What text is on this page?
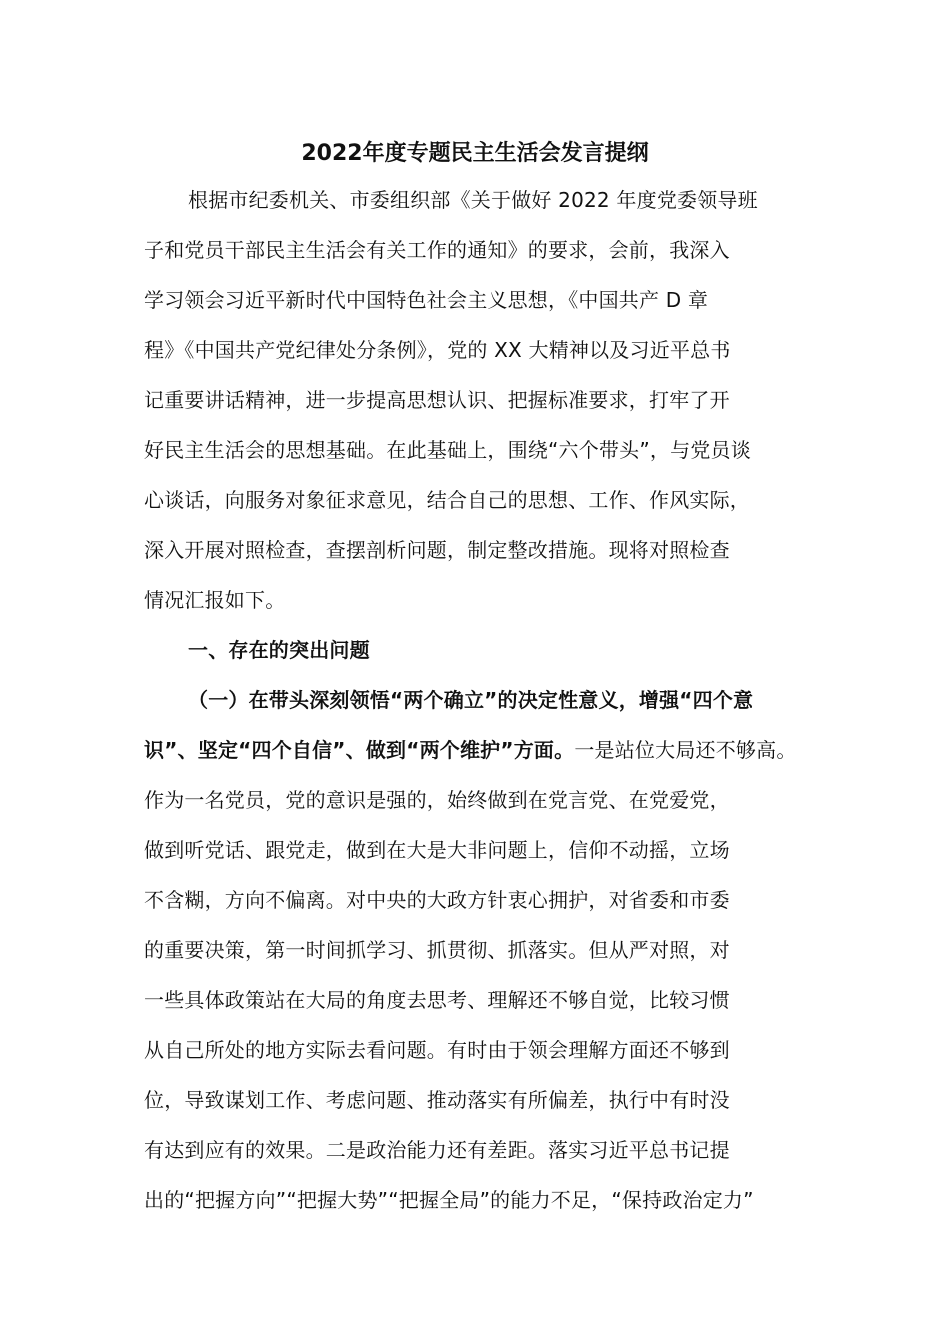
2022年度专题民主生活会发言提纲
根据市纪委机关、市委组织部《关于做好 2022 年度党委领导班
子和党员干部民主生活会有关工作的通知》的要求，会前，我深入
学习领会习近平新时代中国特色社会主义思想，《中国共产 D 章
程》《中国共产党纪律处分条例》，党的 XX 大精神以及习近平总书
记重要讲话精神，进一步提高思想认识、把握标准要求，打牢了开
好民主生活会的思想基础。在此基础上，围绕“六个带头”，与党员谈
心谈话，向服务对象征求意见，结合自己的思想、工作、作风实际，
深入开展对照检查，查摆剖析问题，制定整改措施。现将对照检查
情况汇报如下。
一、存在的突出问题
（一）在带头深刻领悟“两个确立”的决定性意义，增强“四个意
识”、坚定“四个自信”、做到“两个维护”方面。一是站位大局还不够高。
作为一名党员，党的意识是强的，始终做到在党言党、在党爱党，
做到听党话、跟党走，做到在大是大非问题上，信仰不动摇，立场
不含糊，方向不偏离。对中央的大政方针衷心拥护，对省委和市委
的重要决策，第一时间抓学习、抓贯彻、抓落实。但从严对照，对
一些具体政策站在大局的角度去思考、理解还不够自觉，比较习惯
从自己所处的地方实际去看问题。有时由于领会理解方面还不够到
位，导致谋划工作、考虑问题、推动落实有所偏差，执行中有时没
有达到应有的效果。二是政治能力还有差距。落实习近平总书记提
出的“把握方向”“把握大势”“把握全局”的能力不足，“保持政治定力”
